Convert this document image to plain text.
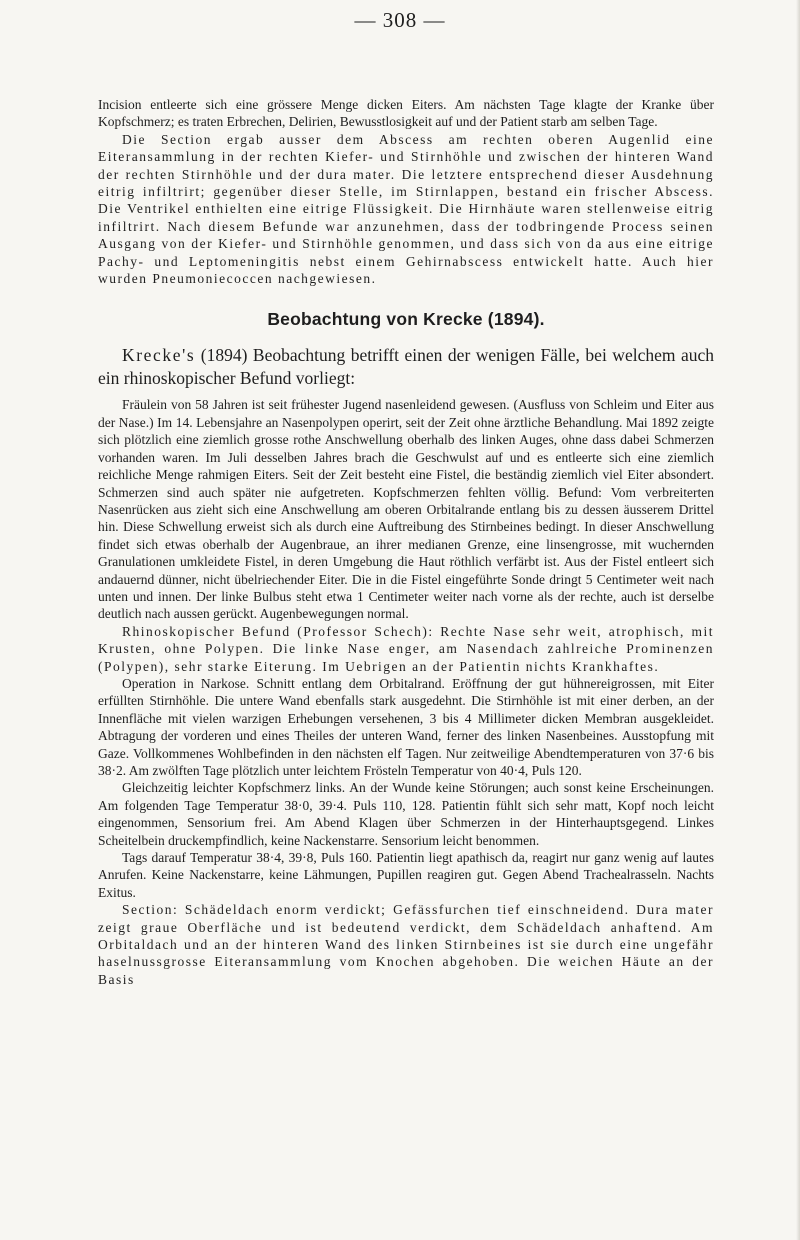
— 308 —

Incision entleerte sich eine grössere Menge dicken Eiters. Am nächsten Tage klagte der Kranke über Kopfschmerz; es traten Erbrechen, Delirien, Bewusstlosigkeit auf und der Patient starb am selben Tage.

Die Section ergab ausser dem Abscess am rechten oberen Augenlid eine Eiteransammlung in der rechten Kiefer- und Stirnhöhle und zwischen der hinteren Wand der rechten Stirnhöhle und der dura mater. Die letztere entsprechend dieser Ausdehnung eitrig infiltrirt; gegenüber dieser Stelle, im Stirnlappen, bestand ein frischer Abscess. Die Ventrikel enthielten eine eitrige Flüssigkeit. Die Hirnhäute waren stellenweise eitrig infiltrirt. Nach diesem Befunde war anzunehmen, dass der todbringende Process seinen Ausgang von der Kiefer- und Stirnhöhle genommen, und dass sich von da aus eine eitrige Pachy- und Leptomeningitis nebst einem Gehirnabscess entwickelt hatte. Auch hier wurden Pneumoniecoccen nachgewiesen.

Beobachtung von Krecke (1894).
Krecke's (1894) Beobachtung betrifft einen der wenigen Fälle, bei welchem auch ein rhinoskopischer Befund vorliegt:

Fräulein von 58 Jahren ist seit frühester Jugend nasenleidend gewesen. (Ausfluss von Schleim und Eiter aus der Nase.) Im 14. Lebensjahre an Nasenpolypen operirt, seit der Zeit ohne ärztliche Behandlung. Mai 1892 zeigte sich plötzlich eine ziemlich grosse rothe Anschwellung oberhalb des linken Auges, ohne dass dabei Schmerzen vorhanden waren. Im Juli desselben Jahres brach die Geschwulst auf und es entleerte sich eine ziemlich reichliche Menge rahmigen Eiters. Seit der Zeit besteht eine Fistel, die beständig ziemlich viel Eiter absondert. Schmerzen sind auch später nie aufgetreten. Kopfschmerzen fehlten völlig. Befund: Vom verbreiterten Nasenrücken aus zieht sich eine Anschwellung am oberen Orbitalrande entlang bis zu dessen äusserem Drittel hin. Diese Schwellung erweist sich als durch eine Auftreibung des Stirnbeines bedingt. In dieser Anschwellung findet sich etwas oberhalb der Augenbraue, an ihrer medianen Grenze, eine linsengrosse, mit wuchernden Granulationen umkleidete Fistel, in deren Umgebung die Haut röthlich verfärbt ist. Aus der Fistel entleert sich andauernd dünner, nicht übelriechender Eiter. Die in die Fistel eingeführte Sonde dringt 5 Centimeter weit nach unten und innen. Der linke Bulbus steht etwa 1 Centimeter weiter nach vorne als der rechte, auch ist derselbe deutlich nach aussen gerückt. Augenbewegungen normal.

Rhinoskopischer Befund (Professor Schech): Rechte Nase sehr weit, atrophisch, mit Krusten, ohne Polypen. Die linke Nase enger, am Nasendach zahlreiche Prominenzen (Polypen), sehr starke Eiterung. Im Uebrigen an der Patientin nichts Krankhaftes.

Operation in Narkose. Schnitt entlang dem Orbitalrand. Eröffnung der gut hühnereigrossen, mit Eiter erfüllten Stirnhöhle. Die untere Wand ebenfalls stark ausgedehnt. Die Stirnhöhle ist mit einer derben, an der Innenfläche mit vielen warzigen Erhebungen versehenen, 3 bis 4 Millimeter dicken Membran ausgekleidet. Abtragung der vorderen und eines Theiles der unteren Wand, ferner des linken Nasenbeines. Ausstopfung mit Gaze. Vollkommenes Wohlbefinden in den nächsten elf Tagen. Nur zeitweilige Abendtemperaturen von 37·6 bis 38·2. Am zwölften Tage plötzlich unter leichtem Frösteln Temperatur von 40·4, Puls 120.

Gleichzeitig leichter Kopfschmerz links. An der Wunde keine Störungen; auch sonst keine Erscheinungen. Am folgenden Tage Temperatur 38·0, 39·4. Puls 110, 128. Patientin fühlt sich sehr matt, Kopf noch leicht eingenommen, Sensorium frei. Am Abend Klagen über Schmerzen in der Hinterhauptsgegend. Linkes Scheitelbein druckempfindlich, keine Nackenstarre. Sensorium leicht benommen.

Tags darauf Temperatur 38·4, 39·8, Puls 160. Patientin liegt apathisch da, reagirt nur ganz wenig auf lautes Anrufen. Keine Nackenstarre, keine Lähmungen, Pupillen reagiren gut. Gegen Abend Trachealrasseln. Nachts Exitus.

Section: Schädeldach enorm verdickt; Gefässfurchen tief einschneidend. Dura mater zeigt graue Oberfläche und ist bedeutend verdickt, dem Schädeldach anhaftend. Am Orbitaldach und an der hinteren Wand des linken Stirnbeines ist sie durch eine ungefähr haselnussgrosse Eiteransammlung vom Knochen abgehoben. Die weichen Häute an der Basis
